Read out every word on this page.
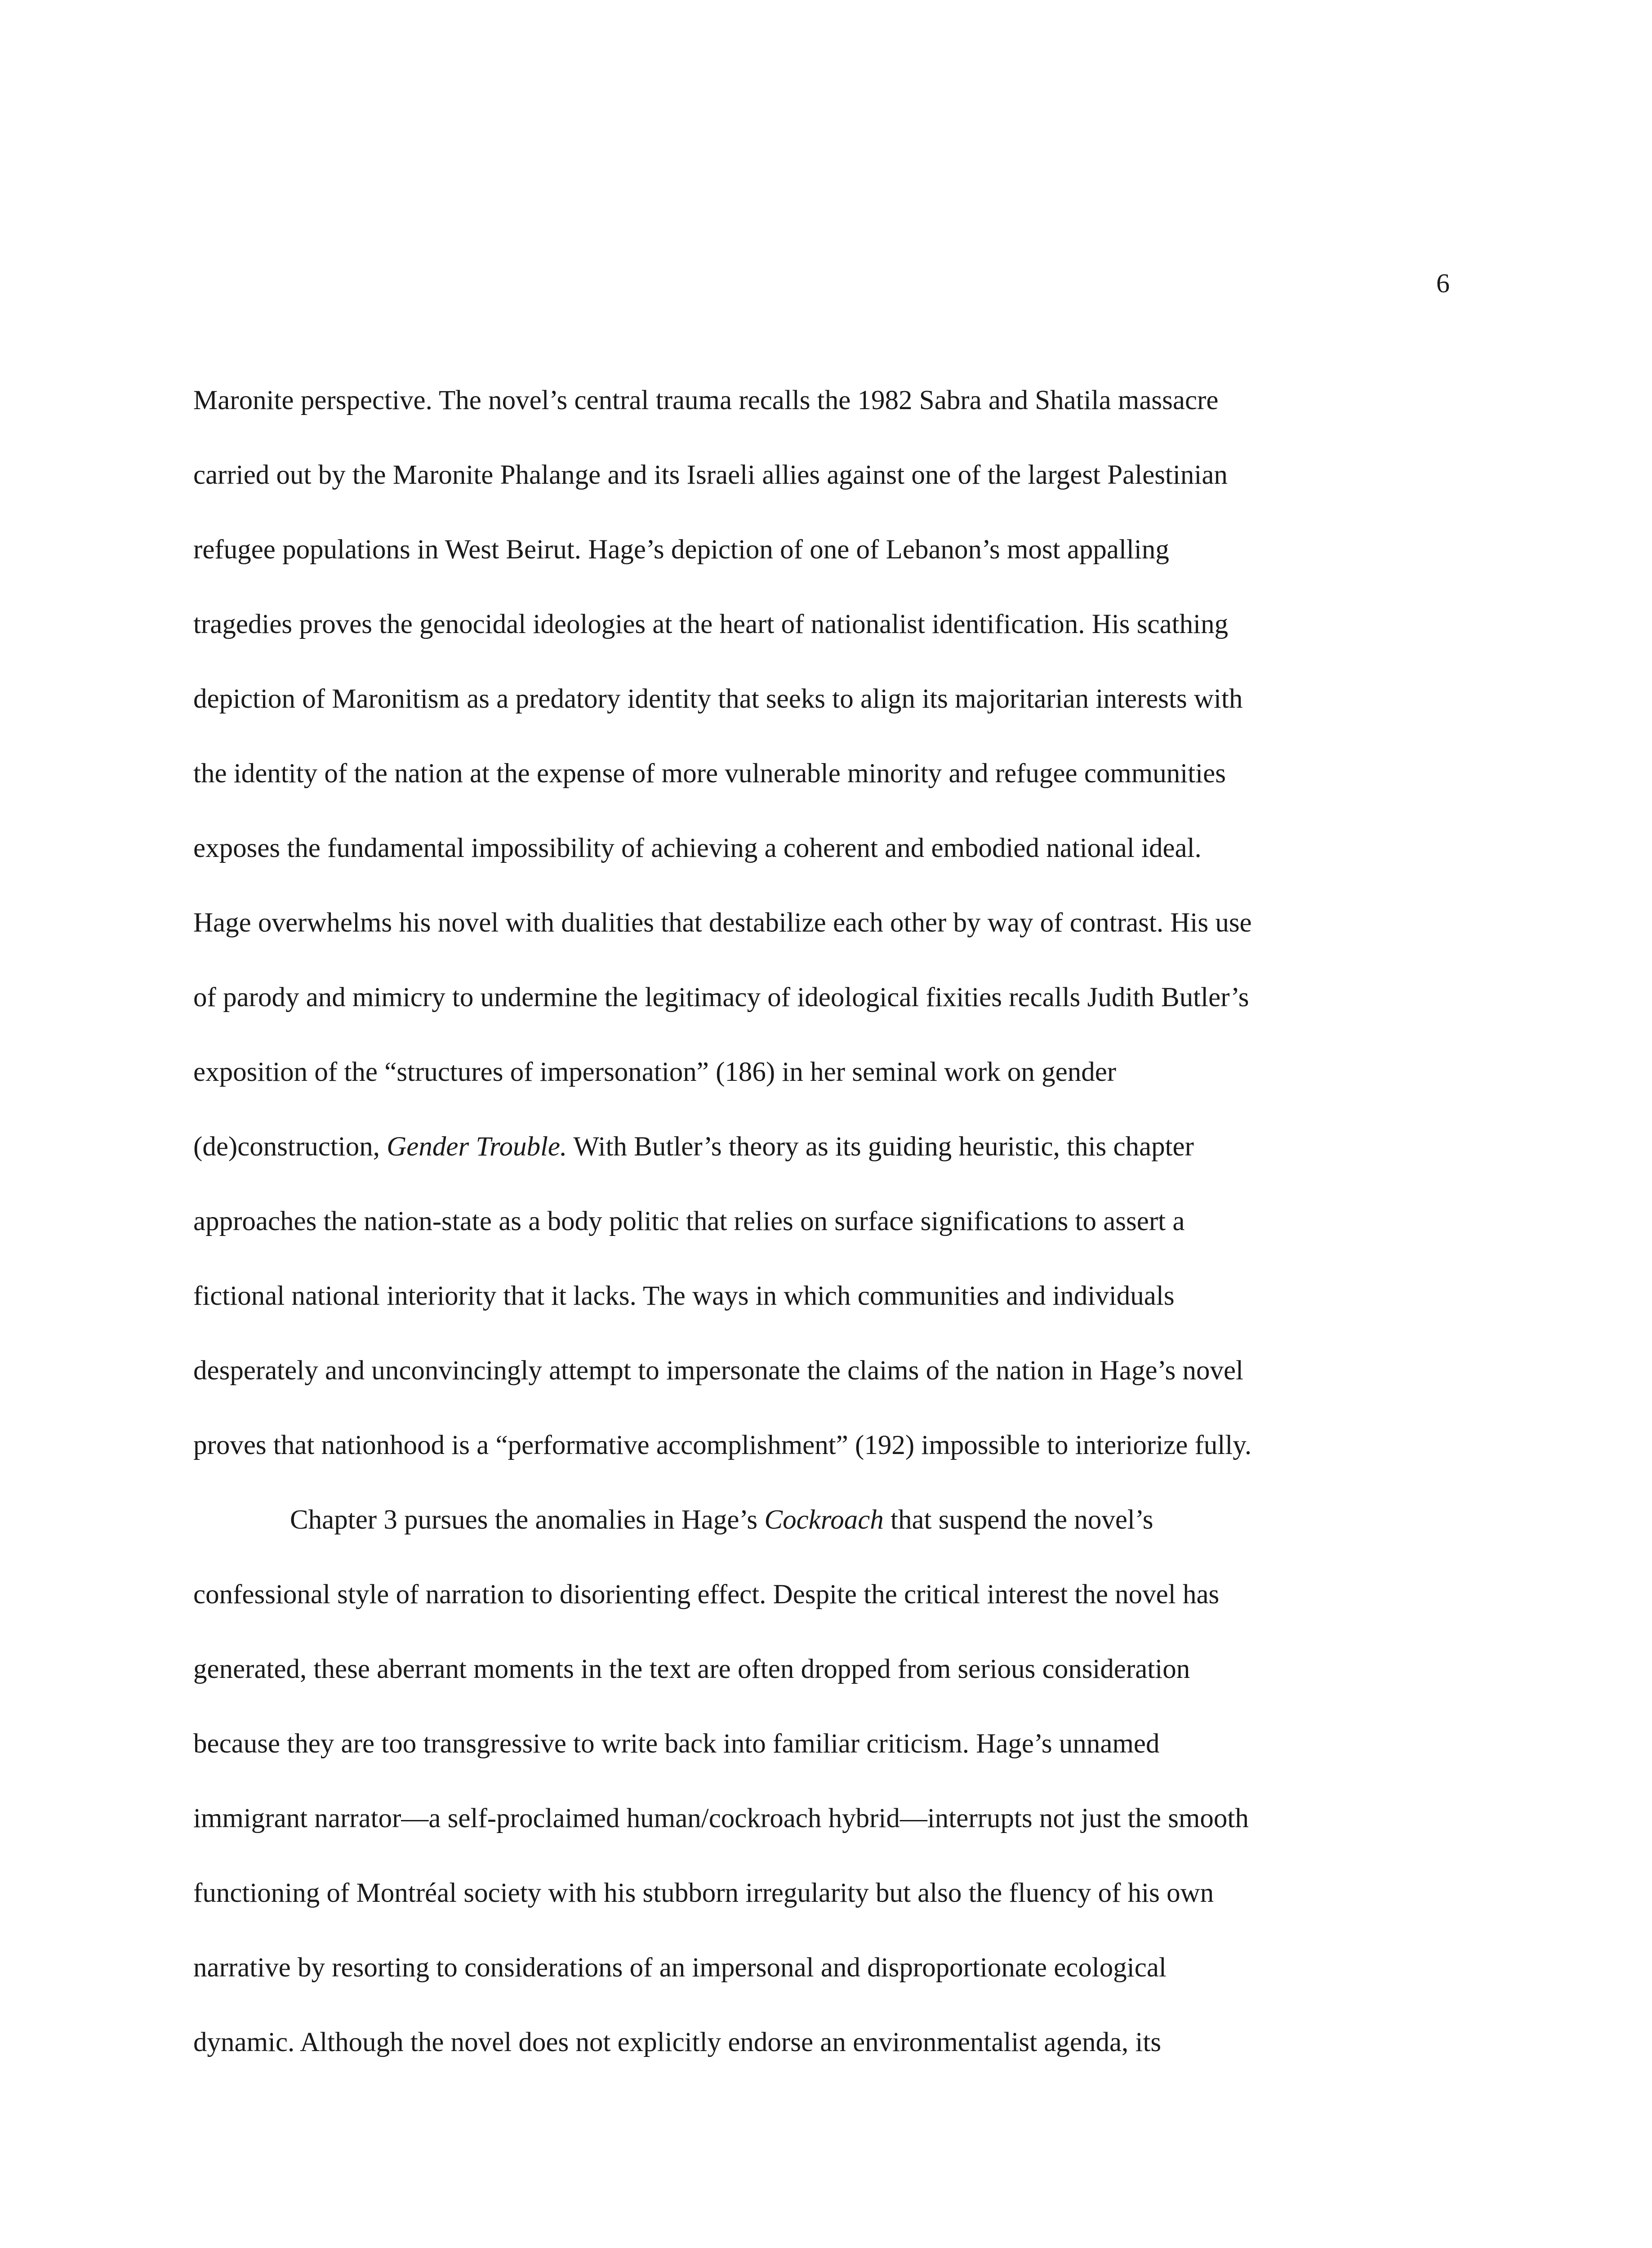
6
Maronite perspective. The novel’s central trauma recalls the 1982 Sabra and Shatila massacre
carried out by the Maronite Phalange and its Israeli allies against one of the largest Palestinian
refugee populations in West Beirut. Hage’s depiction of one of Lebanon’s most appalling
tragedies proves the genocidal ideologies at the heart of nationalist identification. His scathing
depiction of Maronitism as a predatory identity that seeks to align its majoritarian interests with
the identity of the nation at the expense of more vulnerable minority and refugee communities
exposes the fundamental impossibility of achieving a coherent and embodied national ideal.
Hage overwhelms his novel with dualities that destabilize each other by way of contrast. His use
of parody and mimicry to undermine the legitimacy of ideological fixities recalls Judith Butler’s
exposition of the “structures of impersonation” (186) in her seminal work on gender
(de)construction, Gender Trouble. With Butler’s theory as its guiding heuristic, this chapter
approaches the nation-state as a body politic that relies on surface significations to assert a
fictional national interiority that it lacks. The ways in which communities and individuals
desperately and unconvincingly attempt to impersonate the claims of the nation in Hage’s novel
proves that nationhood is a “performative accomplishment” (192) impossible to interiorize fully.
Chapter 3 pursues the anomalies in Hage’s Cockroach that suspend the novel’s
confessional style of narration to disorienting effect. Despite the critical interest the novel has
generated, these aberrant moments in the text are often dropped from serious consideration
because they are too transgressive to write back into familiar criticism. Hage’s unnamed
immigrant narrator—a self-proclaimed human/cockroach hybrid—interrupts not just the smooth
functioning of Montréal society with his stubborn irregularity but also the fluency of his own
narrative by resorting to considerations of an impersonal and disproportionate ecological
dynamic. Although the novel does not explicitly endorse an environmentalist agenda, its
